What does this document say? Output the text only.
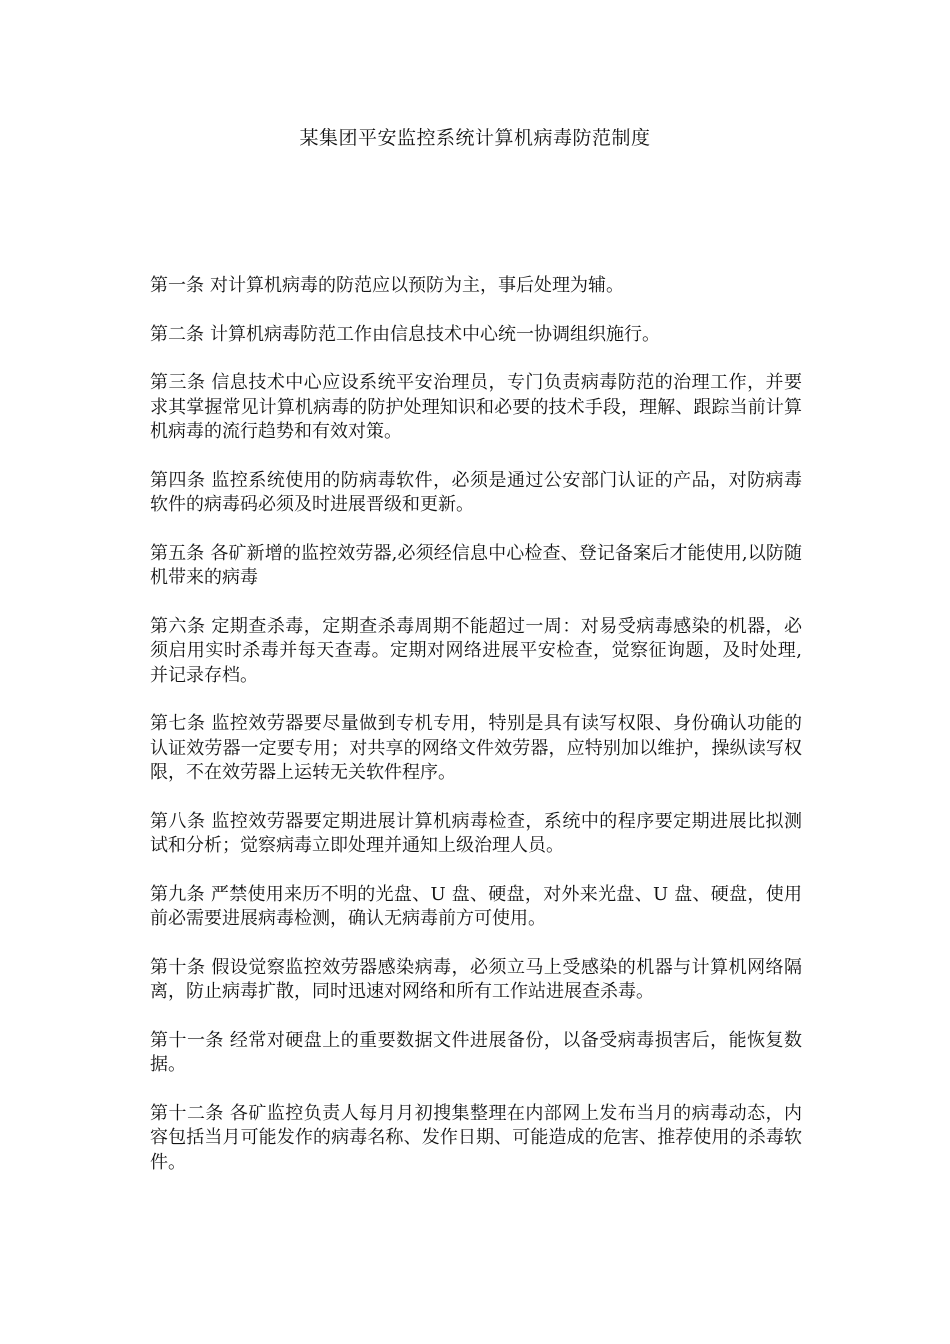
某集团平安监控系统计算机病毒防范制度

第一条 对计算机病毒的防范应以预防为主，事后处理为辅。

第二条 计算机病毒防范工作由信息技术中心统一协调组织施行。

第三条 信息技术中心应设系统平安治理员，专门负责病毒防范的治理工作，并要求其掌握常见计算机病毒的防护处理知识和必要的技术手段，理解、跟踪当前计算机病毒的流行趋势和有效对策。

第四条 监控系统使用的防病毒软件，必须是通过公安部门认证的产品，对防病毒软件的病毒码必须及时进展晋级和更新。

第五条 各矿新增的监控效劳器,必须经信息中心检查、登记备案后才能使用,以防随机带来的病毒

第六条 定期查杀毒，定期查杀毒周期不能超过一周：对易受病毒感染的机器，必须启用实时杀毒并每天查毒。定期对网络进展平安检查，觉察征询题，及时处理, 并记录存档。

第七条 监控效劳器要尽量做到专机专用，特别是具有读写权限、身份确认功能的认证效劳器一定要专用；对共享的网络文件效劳器，应特别加以维护，操纵读写权限，不在效劳器上运转无关软件程序。

第八条 监控效劳器要定期进展计算机病毒检查，系统中的程序要定期进展比拟测试和分析；觉察病毒立即处理并通知上级治理人员。

第九条 严禁使用来历不明的光盘、U 盘、硬盘，对外来光盘、U 盘、硬盘，使用前必需要进展病毒检测，确认无病毒前方可使用。

第十条 假设觉察监控效劳器感染病毒，必须立马上受感染的机器与计算机网络隔离，防止病毒扩散，同时迅速对网络和所有工作站进展查杀毒。

第十一条 经常对硬盘上的重要数据文件进展备份，以备受病毒损害后，能恢复数据。

第十二条 各矿监控负责人每月月初搜集整理在内部网上发布当月的病毒动态，内容包括当月可能发作的病毒名称、发作日期、可能造成的危害、推荐使用的杀毒软件。
